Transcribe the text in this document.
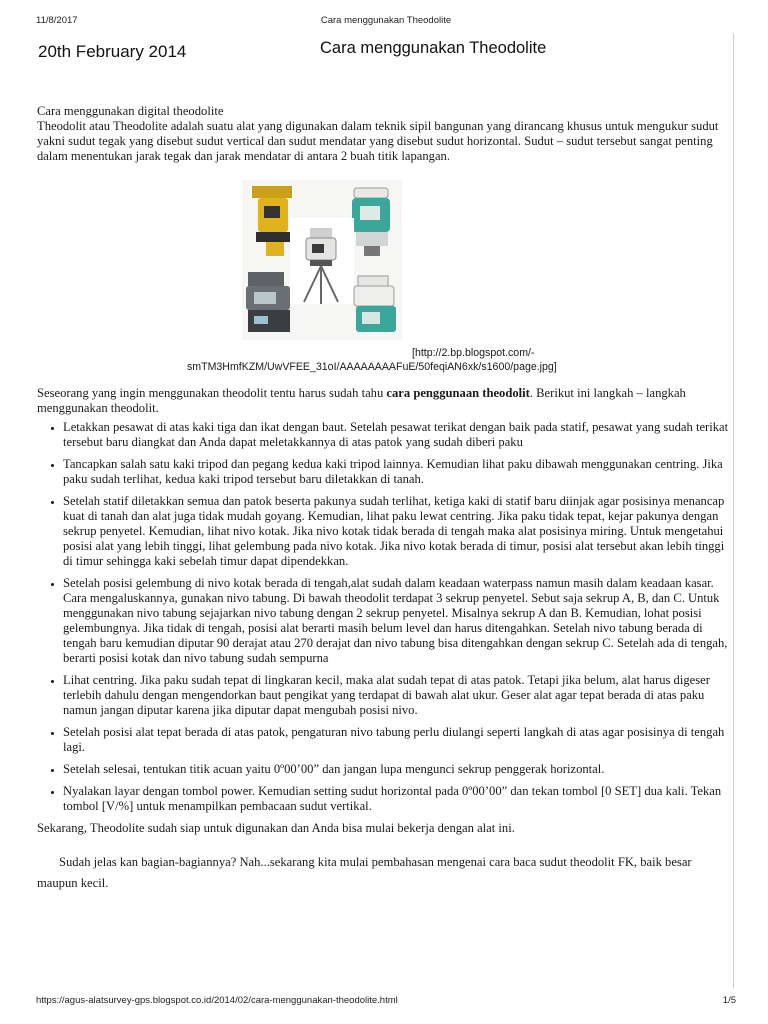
11/8/2017	Cara menggunakan Theodolite
20th February 2014	Cara menggunakan Theodolite

Cara menggunakan digital theodolite

Theodolit atau Theodolite adalah suatu alat yang digunakan dalam teknik sipil bangunan yang dirancang khusus untuk mengukur sudut yakni sudut tegak yang disebut sudut vertical dan sudut mendatar yang disebut sudut horizontal. Sudut – sudut tersebut sangat penting dalam menentukan jarak tegak dan jarak mendatar di antara 2 buah titik lapangan.

[http://2.bp.blogspot.com/-
smTM3HmfKZM/UwVFEE_31oI/AAAAAAAAFuE/50feqiAN6xk/s1600/page.jpg]

Seseorang yang ingin menggunakan theodolit tentu harus sudah tahu cara penggunaan theodolit. Berikut ini langkah – langkah menggunakan theodolit.

• Letakkan pesawat di atas kaki tiga dan ikat dengan baut. Setelah pesawat terikat dengan baik pada statif, pesawat yang sudah terikat tersebut baru diangkat dan Anda dapat meletakkannya di atas patok yang sudah diberi paku
• Tancapkan salah satu kaki tripod dan pegang kedua kaki tripod lainnya. Kemudian lihat paku dibawah menggunakan centring. Jika paku sudah terlihat, kedua kaki tripod tersebut baru diletakkan di tanah.
• Setelah statif diletakkan semua dan patok beserta pakunya sudah terlihat, ketiga kaki di statif baru diinjak agar posisinya menancap kuat di tanah dan alat juga tidak mudah goyang. Kemudian, lihat paku lewat centring. Jika paku tidak tepat, kejar pakunya dengan sekrup penyetel. Kemudian, lihat nivo kotak. Jika nivo kotak tidak berada di tengah maka alat posisinya miring. Untuk mengetahui posisi alat yang lebih tinggi, lihat gelembung pada nivo kotak. Jika nivo kotak berada di timur, posisi alat tersebut akan lebih tinggi di timur sehingga kaki sebelah timur dapat dipendekkan.
• Setelah posisi gelembung di nivo kotak berada di tengah,alat sudah dalam keadaan waterpass namun masih dalam keadaan kasar. Cara mengaluskannya, gunakan nivo tabung. Di bawah theodolit terdapat 3 sekrup penyetel. Sebut saja sekrup A, B, dan C. Untuk menggunakan nivo tabung sejajarkan nivo tabung dengan 2 sekrup penyetel. Misalnya sekrup A dan B. Kemudian, lohat posisi gelembungnya. Jika tidak di tengah, posisi alat berarti masih belum level dan harus ditengahkan. Setelah nivo tabung berada di tengah baru kemudian diputar 90 derajat atau 270 derajat dan nivo tabung bisa ditengahkan dengan sekrup C. Setelah ada di tengah, berarti posisi kotak dan nivo tabung sudah sempurna
• Lihat centring. Jika paku sudah tepat di lingkaran kecil, maka alat sudah tepat di atas patok. Tetapi jika belum, alat harus digeser terlebih dahulu dengan mengendorkan baut pengikat yang terdapat di bawah alat ukur. Geser alat agar tepat berada di atas paku namun jangan diputar karena jika diputar dapat mengubah posisi nivo.
• Setelah posisi alat tepat berada di atas patok, pengaturan nivo tabung perlu diulangi seperti langkah di atas agar posisinya di tengah lagi.
• Setelah selesai, tentukan titik acuan yaitu 0º00’00” dan jangan lupa mengunci sekrup penggerak horizontal.
• Nyalakan layar dengan tombol power. Kemudian setting sudut horizontal pada 0º00’00” dan tekan tombol [0 SET] dua kali. Tekan tombol [V/%] untuk menampilkan pembacaan sudut vertikal.

Sekarang, Theodolite sudah siap untuk digunakan dan Anda bisa mulai bekerja dengan alat ini.

Sudah jelas kan bagian-bagiannya? Nah...sekarang kita mulai pembahasan mengenai cara baca sudut theodolit FK, baik besar maupun kecil.

https://agus-alatsurvey-gps.blogspot.co.id/2014/02/cara-menggunakan-theodolite.html	1/5
